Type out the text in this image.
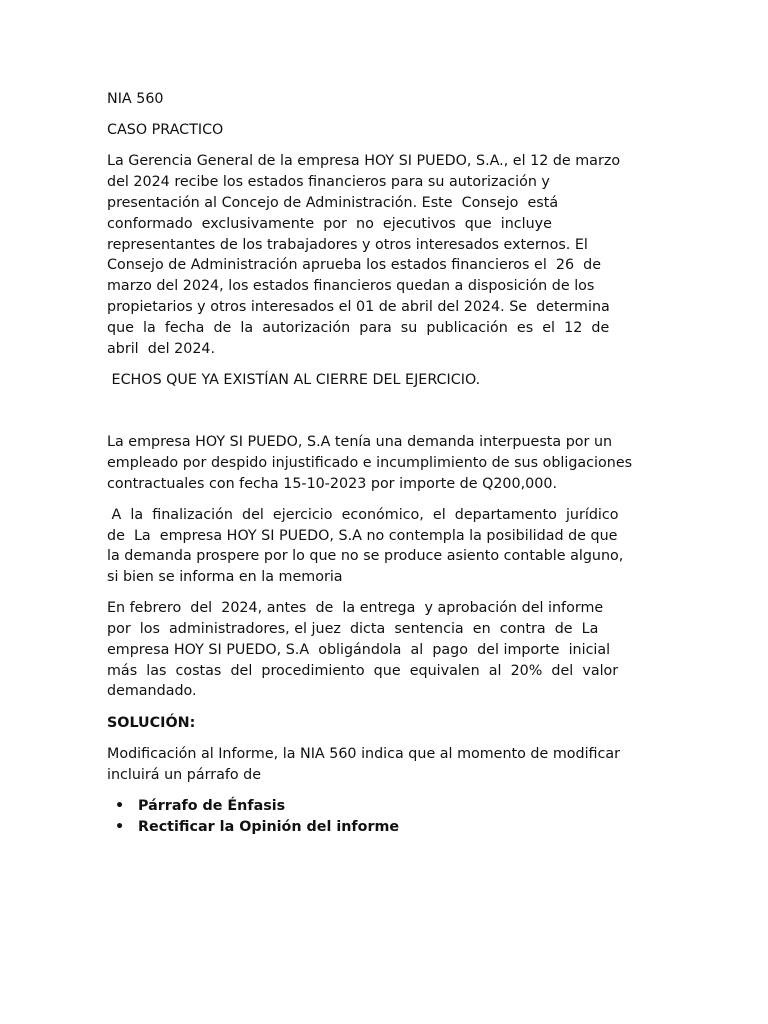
NIA 560

CASO PRACTICO

La Gerencia General de la empresa HOY SI PUEDO, S.A., el 12 de marzo
del 2024 recibe los estados financieros para su autorización y
presentación al Concejo de Administración. Este  Consejo  está
conformado  exclusivamente  por  no  ejecutivos  que  incluye
representantes de los trabajadores y otros interesados externos. El
Consejo de Administración aprueba los estados financieros el  26  de
marzo del 2024, los estados financieros quedan a disposición de los
propietarios y otros interesados el 01 de abril del 2024. Se  determina
que  la  fecha  de  la  autorización  para  su  publicación  es  el  12  de
abril  del 2024.

ECHOS QUE YA EXISTÍAN AL CIERRE DEL EJERCICIO.

La empresa HOY SI PUEDO, S.A tenía una demanda interpuesta por un
empleado por despido injustificado e incumplimiento de sus obligaciones
contractuales con fecha 15-10-2023 por importe de Q200,000.

A  la  finalización  del  ejercicio  económico,  el  departamento  jurídico
de  La  empresa HOY SI PUEDO, S.A no contempla la posibilidad de que
la demanda prospere por lo que no se produce asiento contable alguno,
si bien se informa en la memoria

En febrero  del  2024, antes  de  la entrega  y aprobación del informe
por  los  administradores, el juez  dicta  sentencia  en  contra  de  La
empresa HOY SI PUEDO, S.A  obligándola  al  pago  del importe  inicial
más  las  costas  del  procedimiento  que  equivalen  al  20%  del  valor
demandado.

SOLUCIÓN:

Modificación al Informe, la NIA 560 indica que al momento de modificar
incluirá un párrafo de

• Párrafo de Énfasis
• Rectificar la Opinión del informe
